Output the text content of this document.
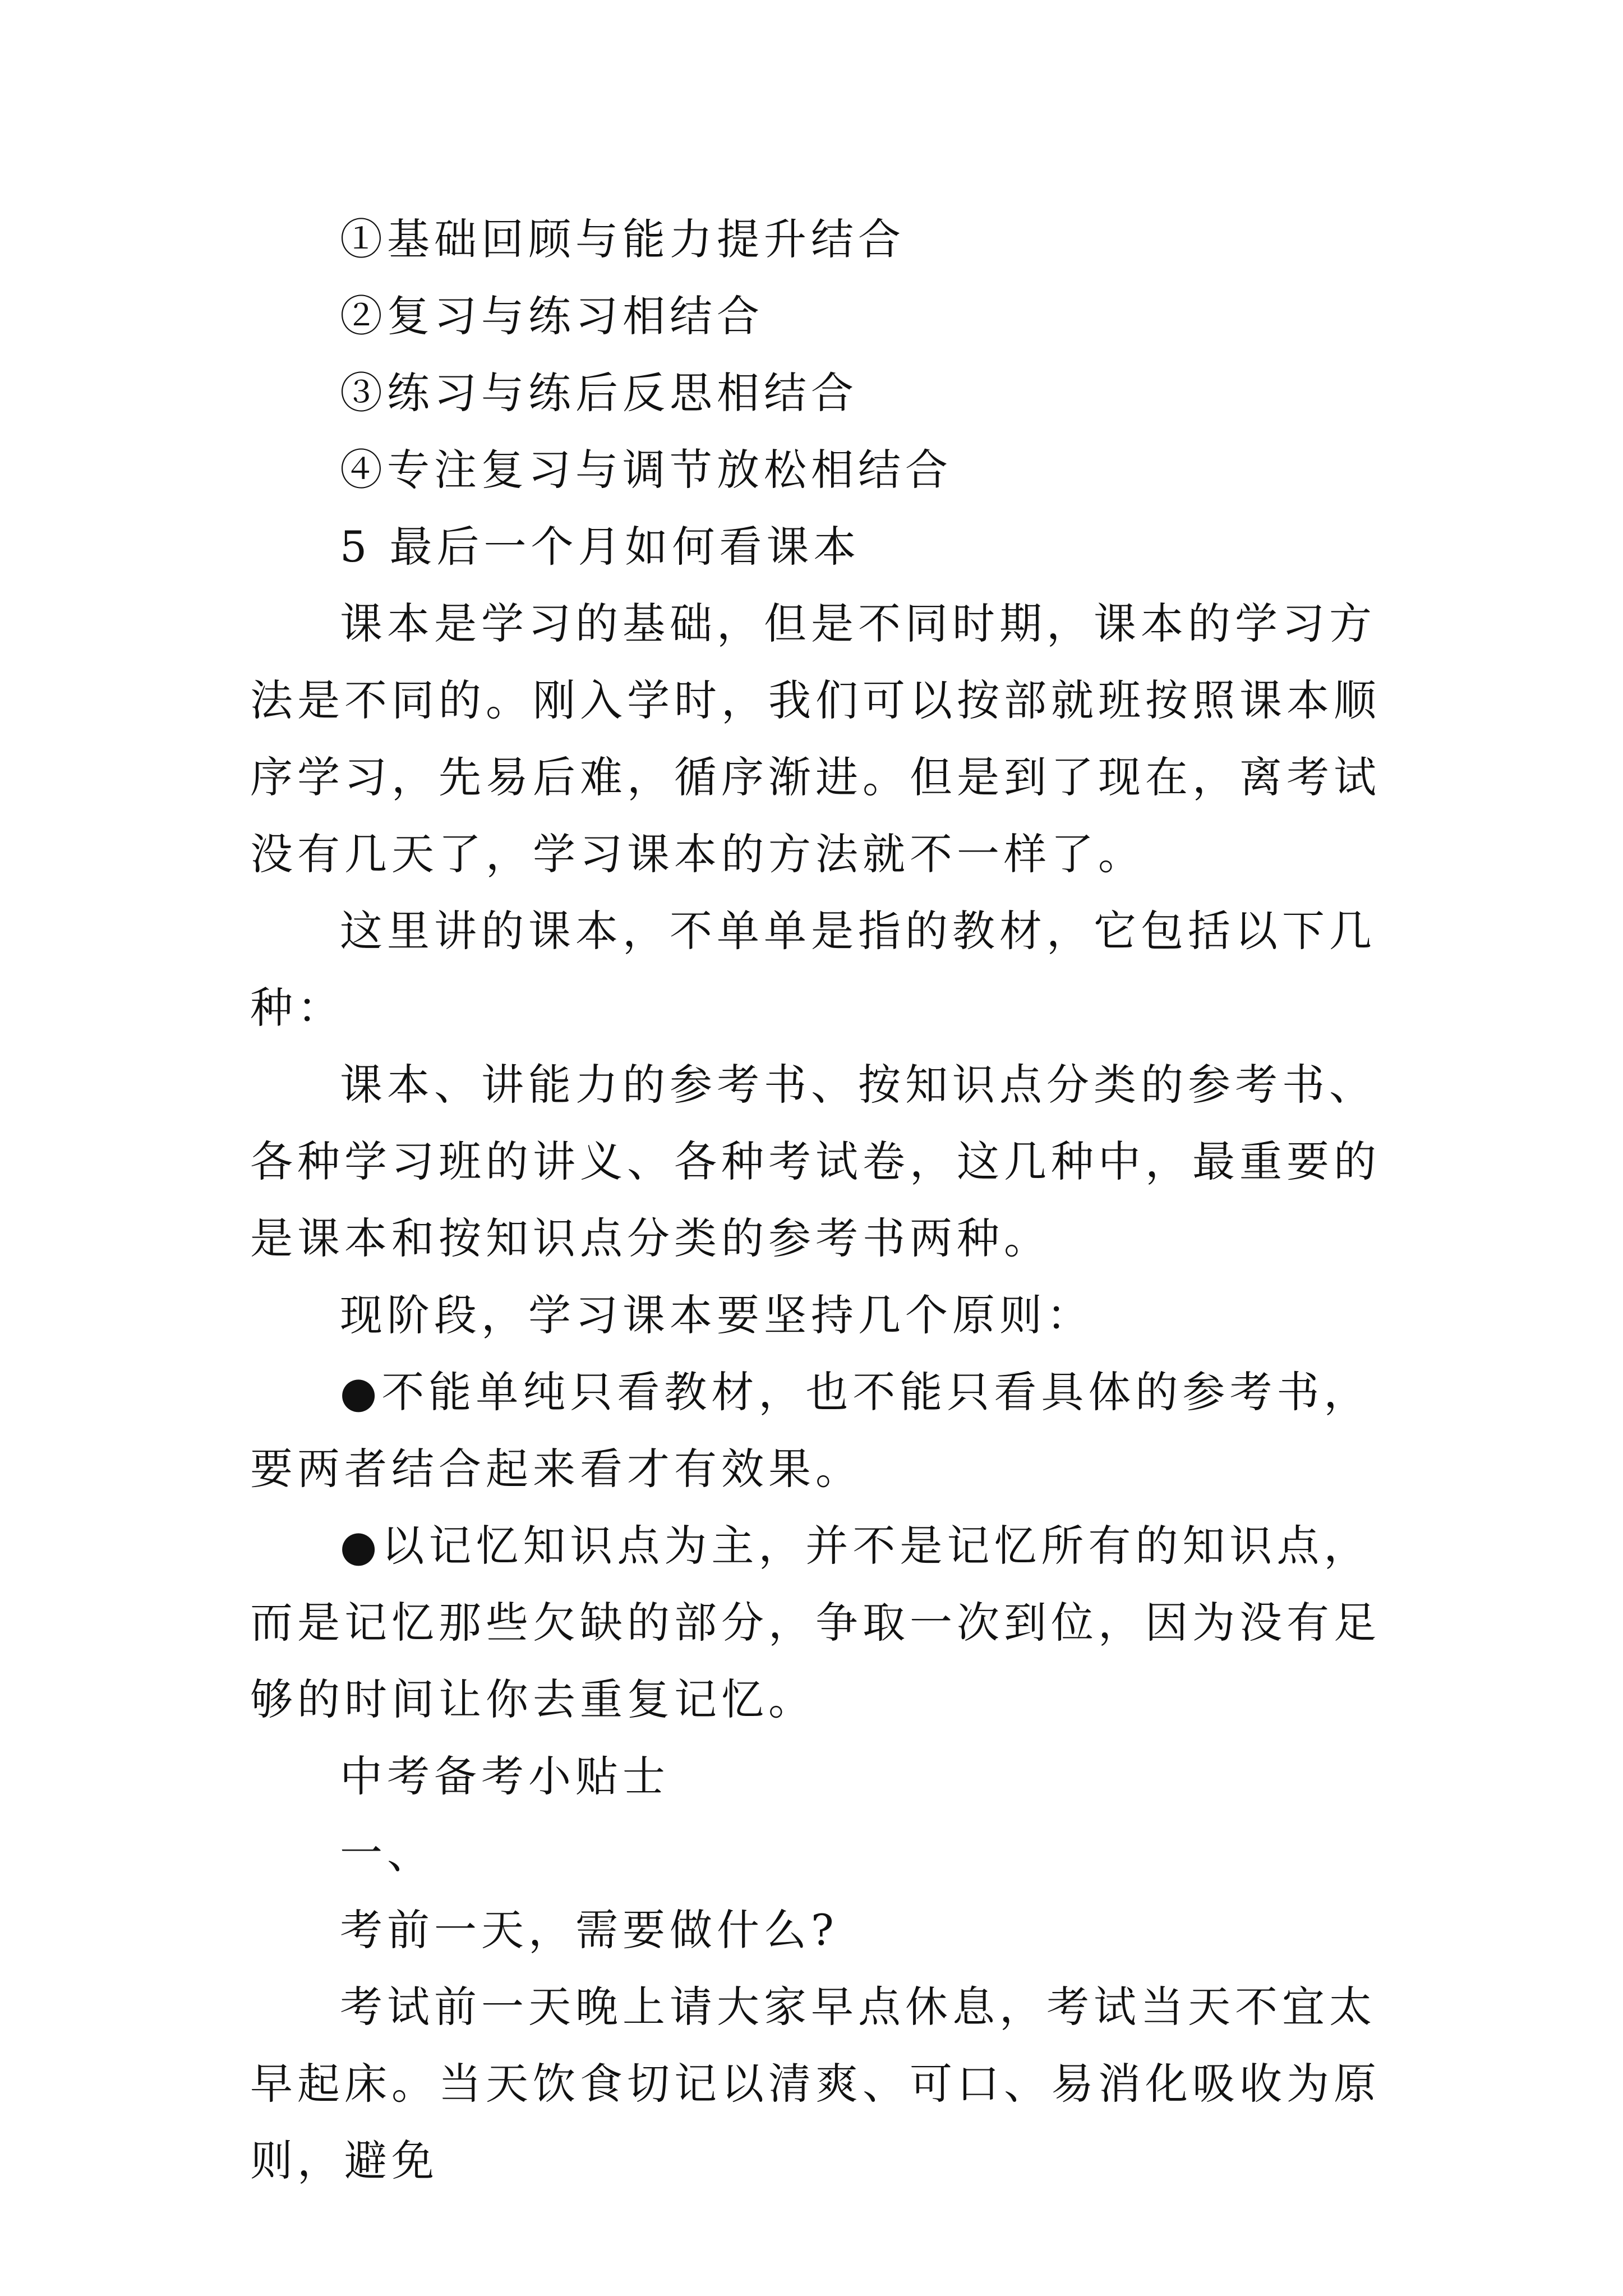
①基础回顾与能力提升结合

②复习与练习相结合

③练习与练后反思相结合

④专注复习与调节放松相结合

5 最后一个月如何看课本

课本是学习的基础，但是不同时期，课本的学习方法是不同的。刚入学时，我们可以按部就班按照课本顺序学习，先易后难，循序渐进。但是到了现在，离考试没有几天了，学习课本的方法就不一样了。

这里讲的课本，不单单是指的教材，它包括以下几种：

课本、讲能力的参考书、按知识点分类的参考书、各种学习班的讲义、各种考试卷，这几种中，最重要的是课本和按知识点分类的参考书两种。

现阶段，学习课本要坚持几个原则：

●不能单纯只看教材，也不能只看具体的参考书，要两者结合起来看才有效果。

●以记忆知识点为主，并不是记忆所有的知识点，而是记忆那些欠缺的部分，争取一次到位，因为没有足够的时间让你去重复记忆。

中考备考小贴士

一、

考前一天，需要做什么?

考试前一天晚上请大家早点休息，考试当天不宜太早起床。当天饮食切记以清爽、可口、易消化吸收为原则，避免
